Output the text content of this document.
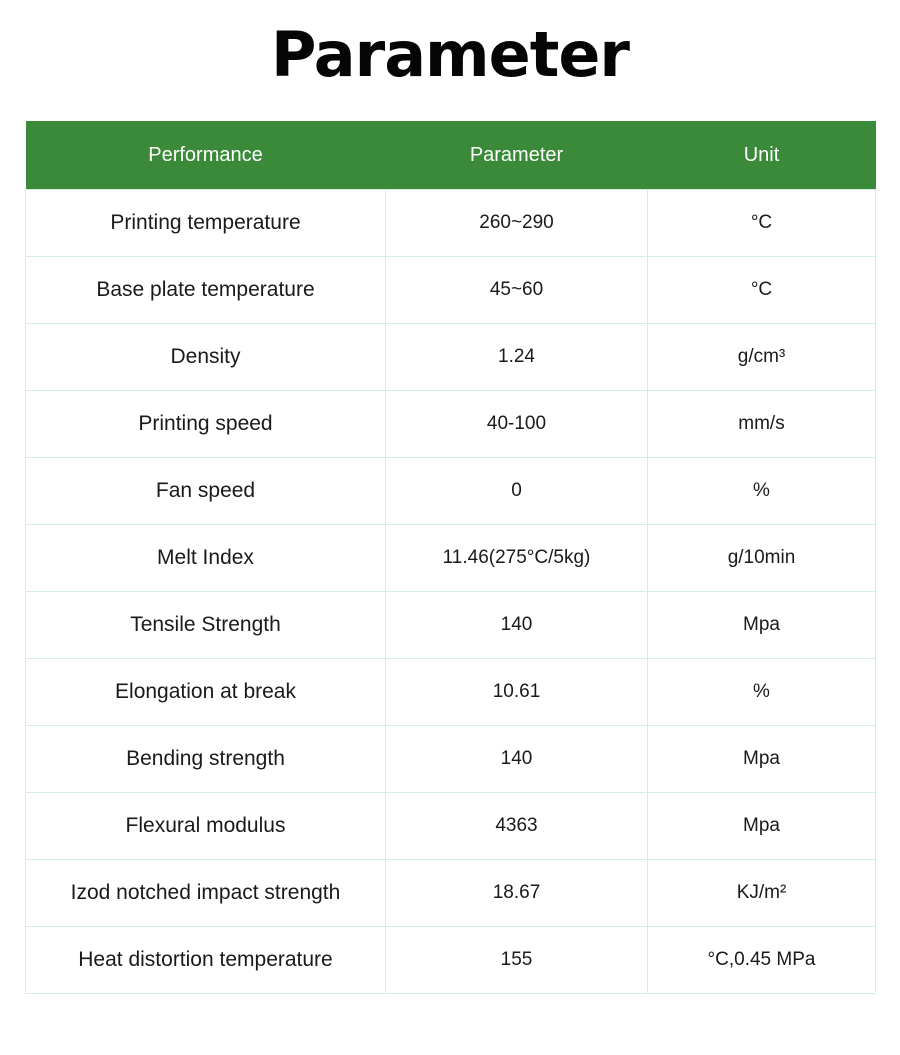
Parameter
Performance	Parameter	Unit
Printing temperature	260~290	°C
Base plate temperature	45~60	°C
Density	1.24	g/cm³
Printing speed	40-100	mm/s
Fan speed	0	%
Melt Index	11.46(275°C/5kg)	g/10min
Tensile Strength	140	Mpa
Elongation at break	10.61	%
Bending strength	140	Mpa
Flexural modulus	4363	Mpa
Izod notched impact strength	18.67	KJ/m²
Heat distortion temperature	155	°C,0.45 MPa
